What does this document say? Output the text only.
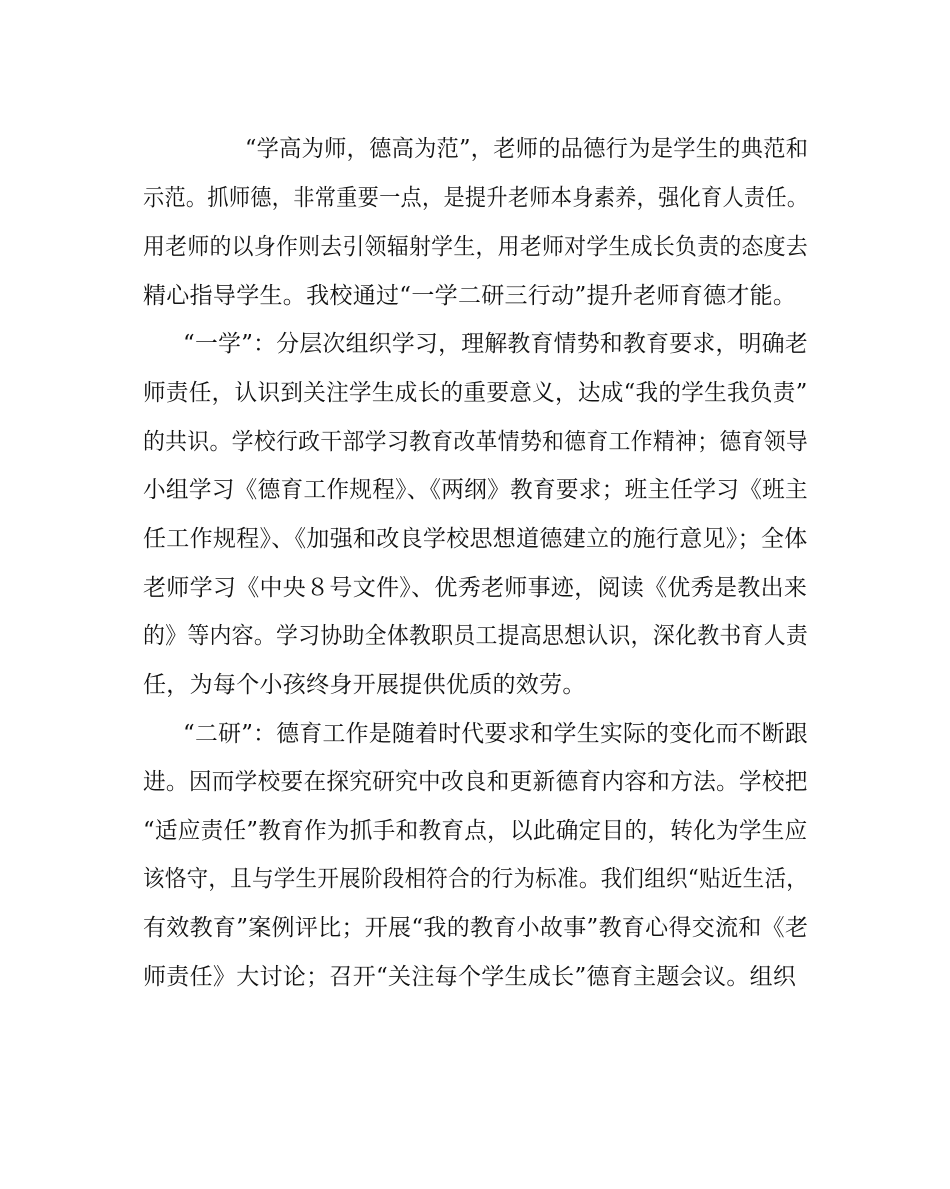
“学高为师，德高为范”，老师的品德行为是学生的典范和
示范。抓师德，非常重要一点，是提升老师本身素养，强化育人责任。
用老师的以身作则去引领辐射学生，用老师对学生成长负责的态度去
精心指导学生。我校通过“一学二研三行动”提升老师育德才能。
“一学”：分层次组织学习，理解教育情势和教育要求，明确老
师责任，认识到关注学生成长的重要意义，达成“我的学生我负责”
的共识。学校行政干部学习教育改革情势和德育工作精神；德育领导
小组学习《德育工作规程》、《两纲》教育要求；班主任学习《班主
任工作规程》、《加强和改良学校思想道德建立的施行意见》；全体
老师学习《中央８号文件》、优秀老师事迹，阅读《优秀是教出来
的》等内容。学习协助全体教职员工提高思想认识，深化教书育人责
任，为每个小孩终身开展提供优质的效劳。
“二研”：德育工作是随着时代要求和学生实际的变化而不断跟
进。因而学校要在探究研究中改良和更新德育内容和方法。学校把
“适应责任”教育作为抓手和教育点，以此确定目的，转化为学生应
该恪守，且与学生开展阶段相符合的行为标准。我们组织“贴近生活，
有效教育”案例评比；开展“我的教育小故事”教育心得交流和《老
师责任》大讨论；召开“关注每个学生成长”德育主题会议。组织
